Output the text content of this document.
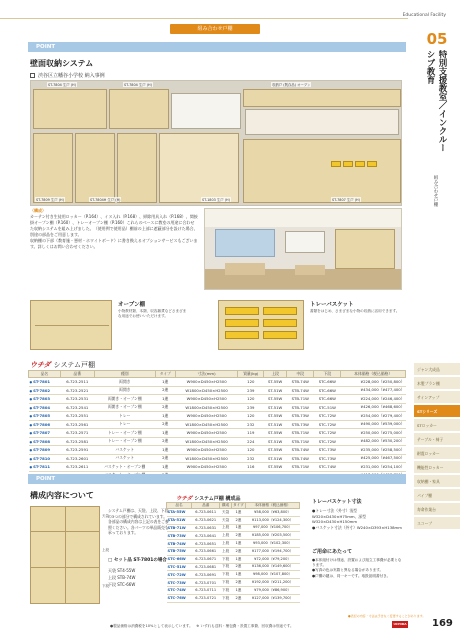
Educational Facility
05
特別支援教室／インクルーシブ教育
組み合わせ戸棚
ジャン大成品
木製プラン棚
サインアップ
STシリーズ
STロッカー
テーブル・椅子
耐震ロッカー
機能性ロッカー
収納棚・家具
パイプ棚
寿命作業台
スコープ
組み合わせ戸棚
POINT
壁面収納システム
渋谷区立幡谷小学校 納入事例
ST-7804 生戸 (H)	ST-7804 生戸 (H)	収納戸 (既存品) オープン
ST-7809 生戸 (H)	ST-7804H 生戸 (H)	ST-1803 生戸 (H)	ST-7807 生戸 (H)
〈構成〉
カーテン付き生徒用ロッカー（P.164）、イヌ入れ（P.168）、掃除用具入れ（P.168）、間接掛オープン棚（P.160）、トレーオープン棚（P.160）これらのベースに教室の用途に合わせた収納システムを組み上げました。（使用例で使用品）棚前の上部に遮蔽部分を設けた場合、別途の部品をご用意します。
収納棚の下部（教育施・悪材・ホワイトボード）に書き換えるオプションサービスもございます。詳しくはお問い合わせください。
オープン棚
小物教材類、本類、収容雑貨などさまざまな用途でお使いいただけます。
トレーバスケット
書類をはじめ、さまざまな小物の収納に活用できます。
ウチダ システム戸棚
品名	品番	種別	タイプ	寸法(mm)	質量(kg)	上段	中段	下段	本体価格（税込価格）
● ST-7801	6-723-2511	両開き	1連	W900×D450×H2500	120	ST-55W	STB-74W	STC-66W	¥228,000（¥250,800）
● ST-7802	6-723-2521	両開き	2連	W1800×D450×H2500	239	ST-51W	STB-74W	STC-66W	¥434,000（¥477,400）
● ST-7803	6-723-2531	両開き・オープン棚	1連	W900×D450×H2500	120	ST-55W	STB-71W	STC-66W	¥224,000（¥246,400）
● ST-7804	6-723-2541	両開き・オープン棚	2連	W1800×D450×H2500	239	ST-51W	STB-71W	STC-51W	¥426,000（¥468,600）
● ST-7805	6-723-2551	トレー	1連	W900×D450×H2500	120	ST-55W	STB-73W	STC-72W	¥254,000（¥279,400）
● ST-7806	6-723-2561	トレー	2連	W1800×D450×H2500	232	ST-51W	STB-73W	STC-72W	¥490,000（¥539,000）
● ST-7807	6-723-2571	トレー・オープン棚	1連	W900×D450×H2500	119	ST-55W	STB-71W	STC-72W	¥250,000（¥275,000）
● ST-7808	6-723-2581	トレー・オープン棚	2連	W1800×D450×H2500	224	ST-51W	STB-71W	STC-72W	¥482,000（¥530,200）
● ST-7809	6-723-2591	バスケット	1連	W900×D450×H2500	120	ST-55W	STB-74W	STC-73W	¥235,000（¥258,500）
● ST-7810	6-723-2601	バスケット	2連	W1800×D450×H2500	232	ST-51W	STB-74W	STC-73W	¥425,000（¥467,500）
● ST-7811	6-723-2611	バスケット・オープン棚	1連	W900×D450×H2500	116	ST-55W	STB-71W	STC-74W	¥231,000（¥254,100）
●									
POINT
構成内容について
天袋
上段
下段
システム戸棚は、天袋、上段、下段の3つの部分で構成されています。各部品の構成内容は上記の表をご参照ください。各パーツの単品販売も承っております。
□ セット品 ST-7801の場合
天袋 ST4-55W
上段 STB-74W
下段 STC-66W
ウチダ システム戸棚 構成品
品名	品番	構成	タイプ	本体価格（税込価格）
STA-55W	6-723-0611	天袋	1連	¥58,000（¥63,800）
STA-51W	6-723-0621	天袋	2連	¥113,000（¥124,300）
STB-71W	6-723-0631	上段	1連	¥97,000（¥106,700）
STB-73W	6-723-0641	上段	2連	¥185,000（¥203,500）
STB-74W	6-723-0651	上段	1連	¥93,000（¥102,300）
STB-75W	6-723-0661	上段	2連	¥177,000（¥194,700）
STC-66W	6-723-0671	下段	1連	¥72,000（¥79,200）
STC-51W	6-723-0681	下段	2連	¥136,000（¥149,600）
STC-72W	6-723-0691	下段	1連	¥98,000（¥107,800）
STC-73W	6-723-0701	下段	2連	¥192,000（¥211,200）
STC-74W	6-723-0711	下段	1連	¥79,000（¥86,900）
STC-76W	6-723-0721	下段	2連	¥127,000（¥139,700）
トレーバスケット寸法
●トレー寸法（外寸）浅型 W320×D430×H75mm、深型 W320×D430×H150mm
●バスケット寸法（外寸）W240×D393×H138mm
ご用命にあたって
●本体組付けは別途、設置および組立工事費が必要となります。
●写真の色は実際と異なる場合があります。
●戸棚の鍵は、同一キーです。取扱説明書付き。
●表記の内容・寸法は予告なく変更することがあります。
●製品価格は消費税を10%として表示しています。　※ いずれも送料・梱包費・設置工事費、回収費は別途です。	UCHIDA	169
